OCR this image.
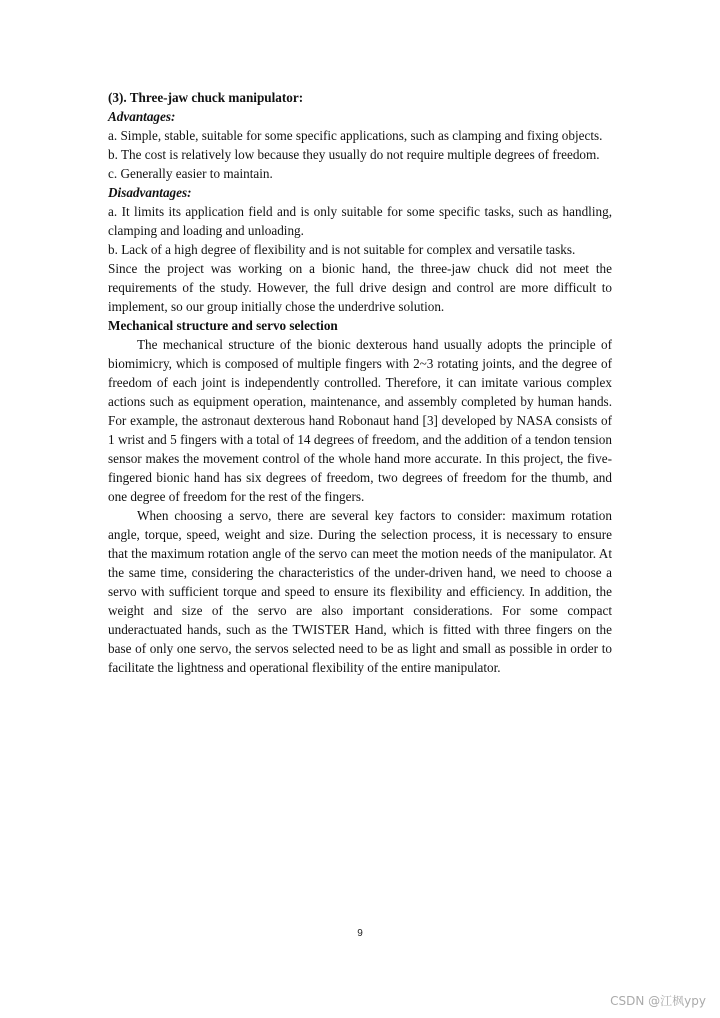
(3). Three-jaw chuck manipulator:

Advantages:

a. Simple, stable, suitable for some specific applications, such as clamping and fixing objects.

b. The cost is relatively low because they usually do not require multiple degrees of freedom.

c. Generally easier to maintain.

Disadvantages:

a. It limits its application field and is only suitable for some specific tasks, such as handling, clamping and loading and unloading.

b. Lack of a high degree of flexibility and is not suitable for complex and versatile tasks.

Since the project was working on a bionic hand, the three-jaw chuck did not meet the requirements of the study. However, the full drive design and control are more difficult to implement, so our group initially chose the underdrive solution.

Mechanical structure and servo selection

The mechanical structure of the bionic dexterous hand usually adopts the principle of biomimicry, which is composed of multiple fingers with 2~3 rotating joints, and the degree of freedom of each joint is independently controlled. Therefore, it can imitate various complex actions such as equipment operation, maintenance, and assembly completed by human hands. For example, the astronaut dexterous hand Robonaut hand [3] developed by NASA consists of 1 wrist and 5 fingers with a total of 14 degrees of freedom, and the addition of a tendon tension sensor makes the movement control of the whole hand more accurate. In this project, the five-fingered bionic hand has six degrees of freedom, two degrees of freedom for the thumb, and one degree of freedom for the rest of the fingers.

When choosing a servo, there are several key factors to consider: maximum rotation angle, torque, speed, weight and size. During the selection process, it is necessary to ensure that the maximum rotation angle of the servo can meet the motion needs of the manipulator. At the same time, considering the characteristics of the under-driven hand, we need to choose a servo with sufficient torque and speed to ensure its flexibility and efficiency. In addition, the weight and size of the servo are also important considerations. For some compact underactuated hands, such as the TWISTER Hand, which is fitted with three fingers on the base of only one servo, the servos selected need to be as light and small as possible in order to facilitate the lightness and operational flexibility of the entire manipulator.

9
CSDN @江枫ypy
